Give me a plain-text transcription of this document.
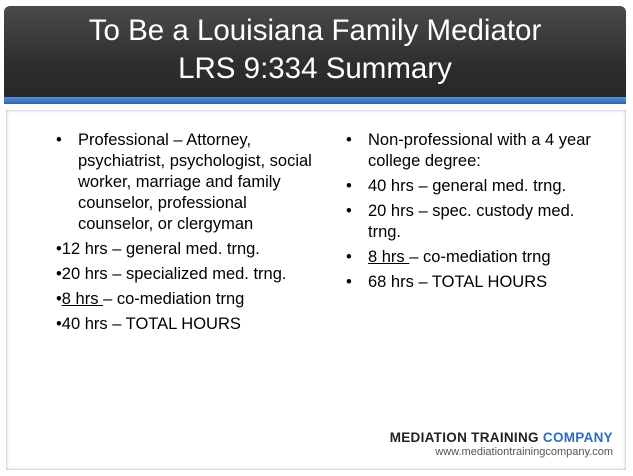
To Be a Louisiana Family Mediator
LRS 9:334 Summary
• Professional – Attorney, psychiatrist, psychologist, social worker, marriage and family counselor, professional counselor, or clergyman
•12 hrs – general med. trng.
•20 hrs – specialized med. trng.
•8 hrs – co-mediation trng
•40 hrs – TOTAL HOURS
• Non-professional with a 4 year college degree:
• 40 hrs – general med. trng.
• 20 hrs – spec. custody med. trng.
• 8 hrs – co-mediation trng
• 68 hrs – TOTAL HOURS
MEDIATION TRAINING COMPANY
www.mediationtrainingcompany.com
